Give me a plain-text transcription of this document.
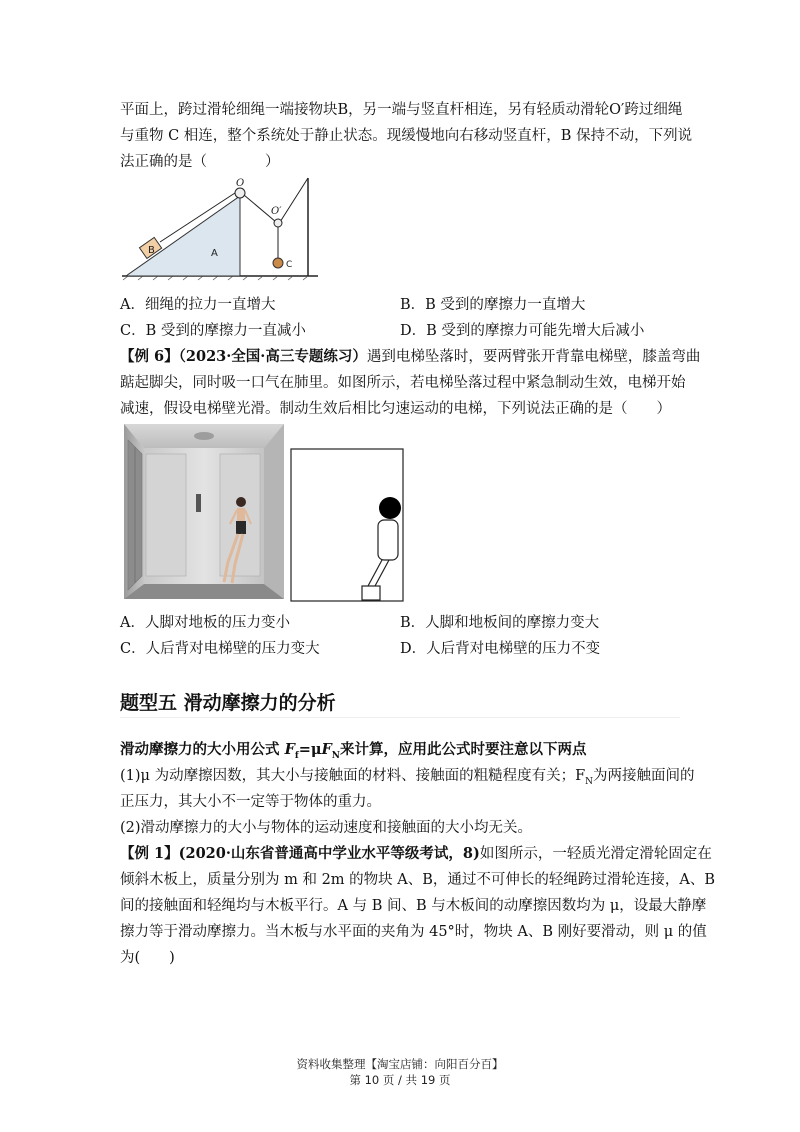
平面上，跨过滑轮细绳一端接物块B，另一端与竖直杆相连，另有轻质动滑轮O′跨过细绳
与重物 C 相连，整个系统处于静止状态。现缓慢地向右移动竖直杆，B 保持不动，下列说
法正确的是（　　　　）
B	A
O
O′
C
A．细绳的拉力一直增大	B．B 受到的摩擦力一直增大
C．B 受到的摩擦力一直减小	D．B 受到的摩擦力可能先增大后减小
【例 6】（2023·全国·高三专题练习）遇到电梯坠落时，要两臂张开背靠电梯壁，膝盖弯曲
踮起脚尖，同时吸一口气在肺里。如图所示，若电梯坠落过程中紧急制动生效，电梯开始
减速，假设电梯壁光滑。制动生效后相比匀速运动的电梯，下列说法正确的是（　　）
A．人脚对地板的压力变小	B．人脚和地板间的摩擦力变大
C．人后背对电梯壁的压力变大	D．人后背对电梯壁的压力不变
题型五 滑动摩擦力的分析
滑动摩擦力的大小用公式 $F_f=\mu F_N$来计算，应用此公式时要注意以下两点
(1)μ 为动摩擦因数，其大小与接触面的材料、接触面的粗糙程度有关；$F_N$为两接触面间的
正压力，其大小不一定等于物体的重力。
(2)滑动摩擦力的大小与物体的运动速度和接触面的大小均无关。
【例 1】(2020·山东省普通高中学业水平等级考试，8)如图所示，一轻质光滑定滑轮固定在
倾斜木板上，质量分别为 m 和 2m 的物块 A、B，通过不可伸长的轻绳跨过滑轮连接，A、B
间的接触面和轻绳均与木板平行。A 与 B 间、B 与木板间的动摩擦因数均为 μ，设最大静摩
擦力等于滑动摩擦力。当木板与水平面的夹角为 45°时，物块 A、B 刚好要滑动，则 μ 的值
为(　　)
资料收集整理【淘宝店铺：向阳百分百】
第 10 页 / 共 19 页
